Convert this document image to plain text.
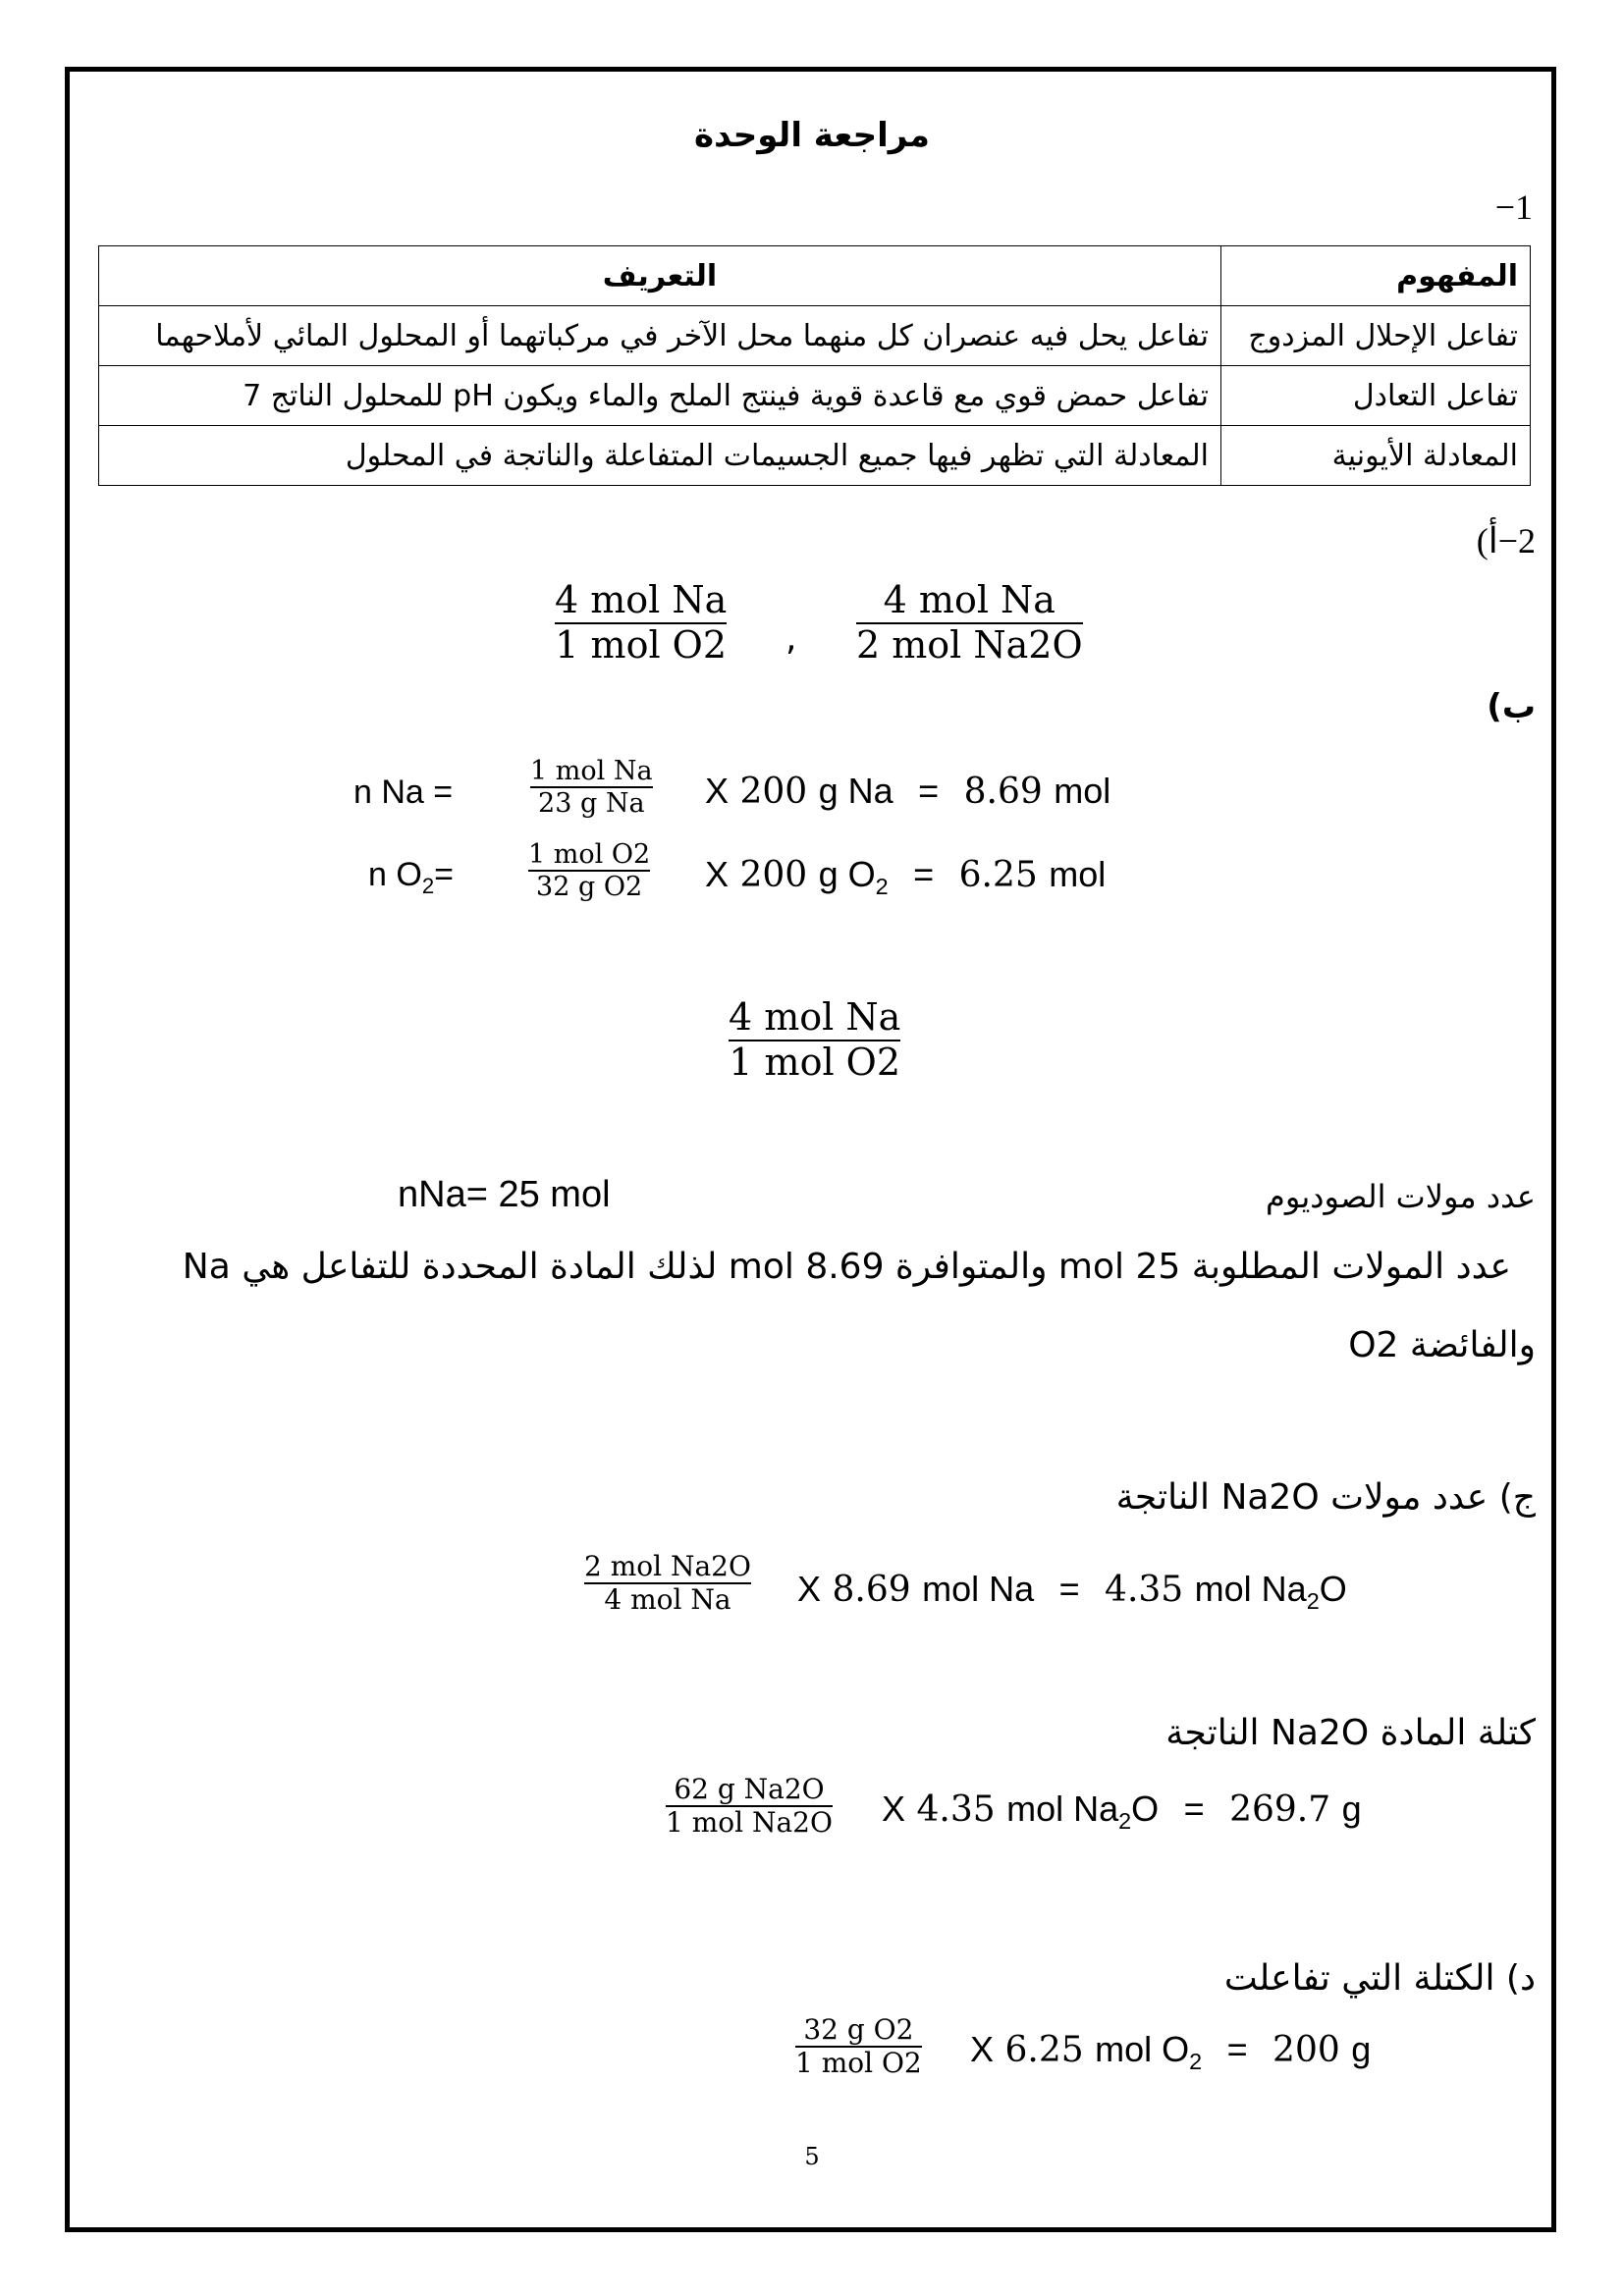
مراجعة الوحدة
−1
المفهوم	التعريف
تفاعل الإحلال المزدوج	تفاعل يحل فيه عنصران كل منهما محل الآخر في مركباتهما أو المحلول المائي لأملاحهما
تفاعل التعادل	تفاعل حمض قوي مع قاعدة قوية فينتج الملح والماء ويكون pH للمحلول الناتج 7
المعادلة الأيونية	المعادلة التي تظهر فيها جميع الجسيمات المتفاعلة والناتجة في المحلول
2−أ)
4 mol Na
1 mol O2 ,
4 mol Na
2 mol Na2O
ب)
n Na =
1 mol Na
23 g Na X 200 g Na = 8.69 mol
n $O_2=$
1 mol O2
32 g O2 X 200 g $O_2 = 6.25$ mol
4 mol Na
1 mol O2
عدد مولات الصوديوم
nNa= 25 mol
عدد المولات المطلوبة 25 mol والمتوافرة 8.69 mol لذلك المادة المحددة للتفاعل هي Na
والفائضة O2
ج) عدد مولات Na2O الناتجة
2 mol Na2O
4 mol Na X 8.69 mol Na = 4.35 mol $Na_2O$
كتلة المادة Na2O الناتجة
62 g Na2O
1 mol Na2O X 4.35 mol $Na_2O = 269.7$ g
د) الكتلة التي تفاعلت
32 g O2
1 mol O2 X 6.25 mol $O_2 = 200$ g
5
